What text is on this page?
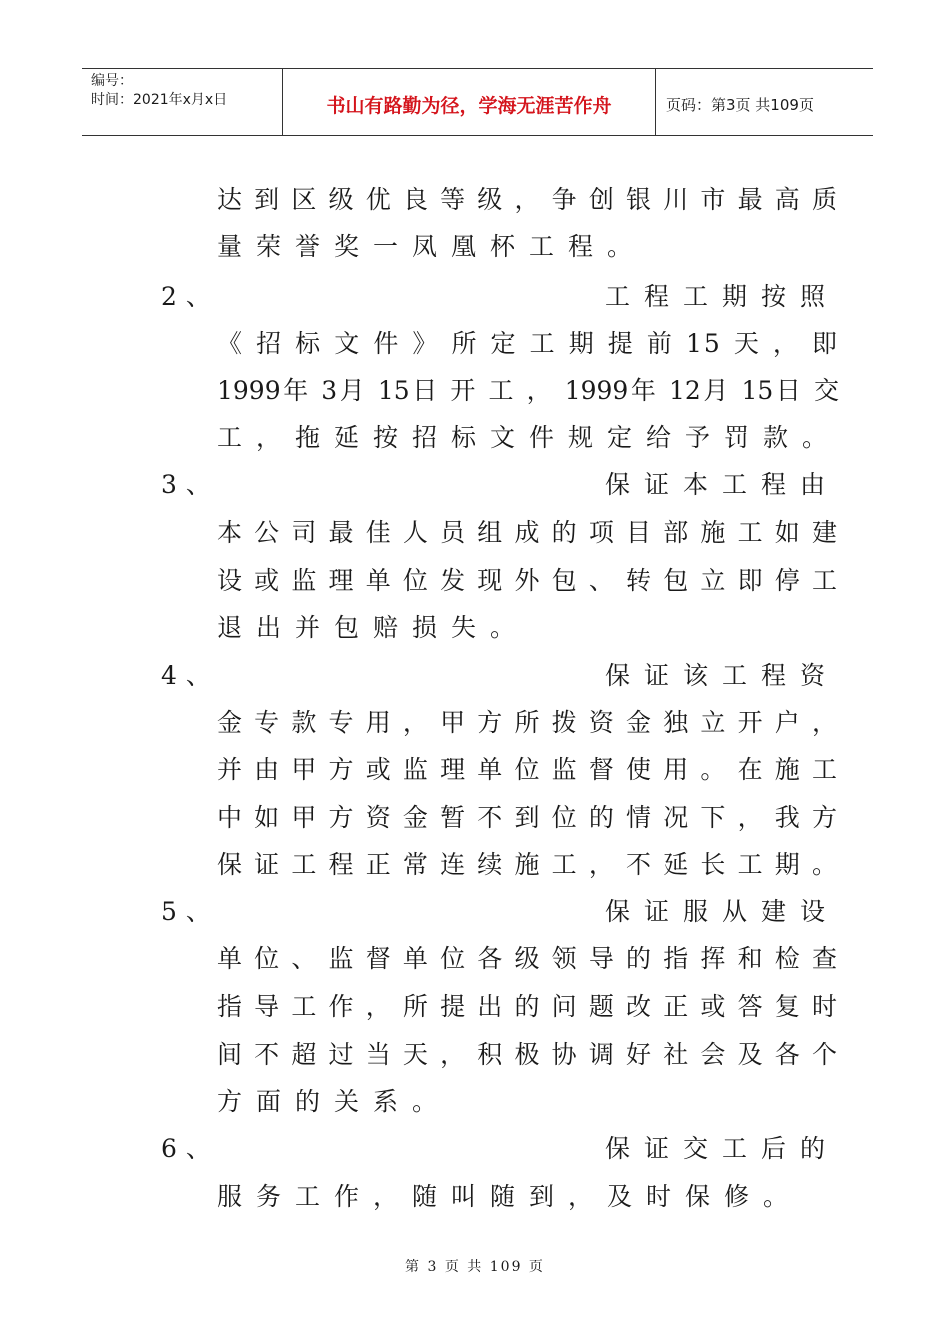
编号：
时间：2021年x月x日	书山有路勤为径，学海无涯苦作舟	页码：第3页 共109页
达到区级优良等级，争创银川市最高质
量荣誉奖一凤凰杯工程。
2、	工程工期按照
《招标文件》所定工期提前15天，即
1999年 3月 15日 开 工 ， 1999年 12月 15日 交
工，拖延按招标文件规定给予罚款。
3、	保证本工程由
本公司最佳人员组成的项目部施工如建
设或监理单位发现外包、转包立即停工
退出并包赔损失。
4、	保证该工程资
金专款专用，甲方所拨资金独立开户，
并由甲方或监理单位监督使用。在施工
中如甲方资金暂不到位的情况下，我方
保证工程正常连续施工，不延长工期。
5、	保证服从建设
单位、监督单位各级领导的指挥和检查
指导工作，所提出的问题改正或答复时
间不超过当天，积极协调好社会及各个
方面的关系。
6、	保证交工后的
服务工作，随叫随到，及时保修。
第 3 页 共 109 页
